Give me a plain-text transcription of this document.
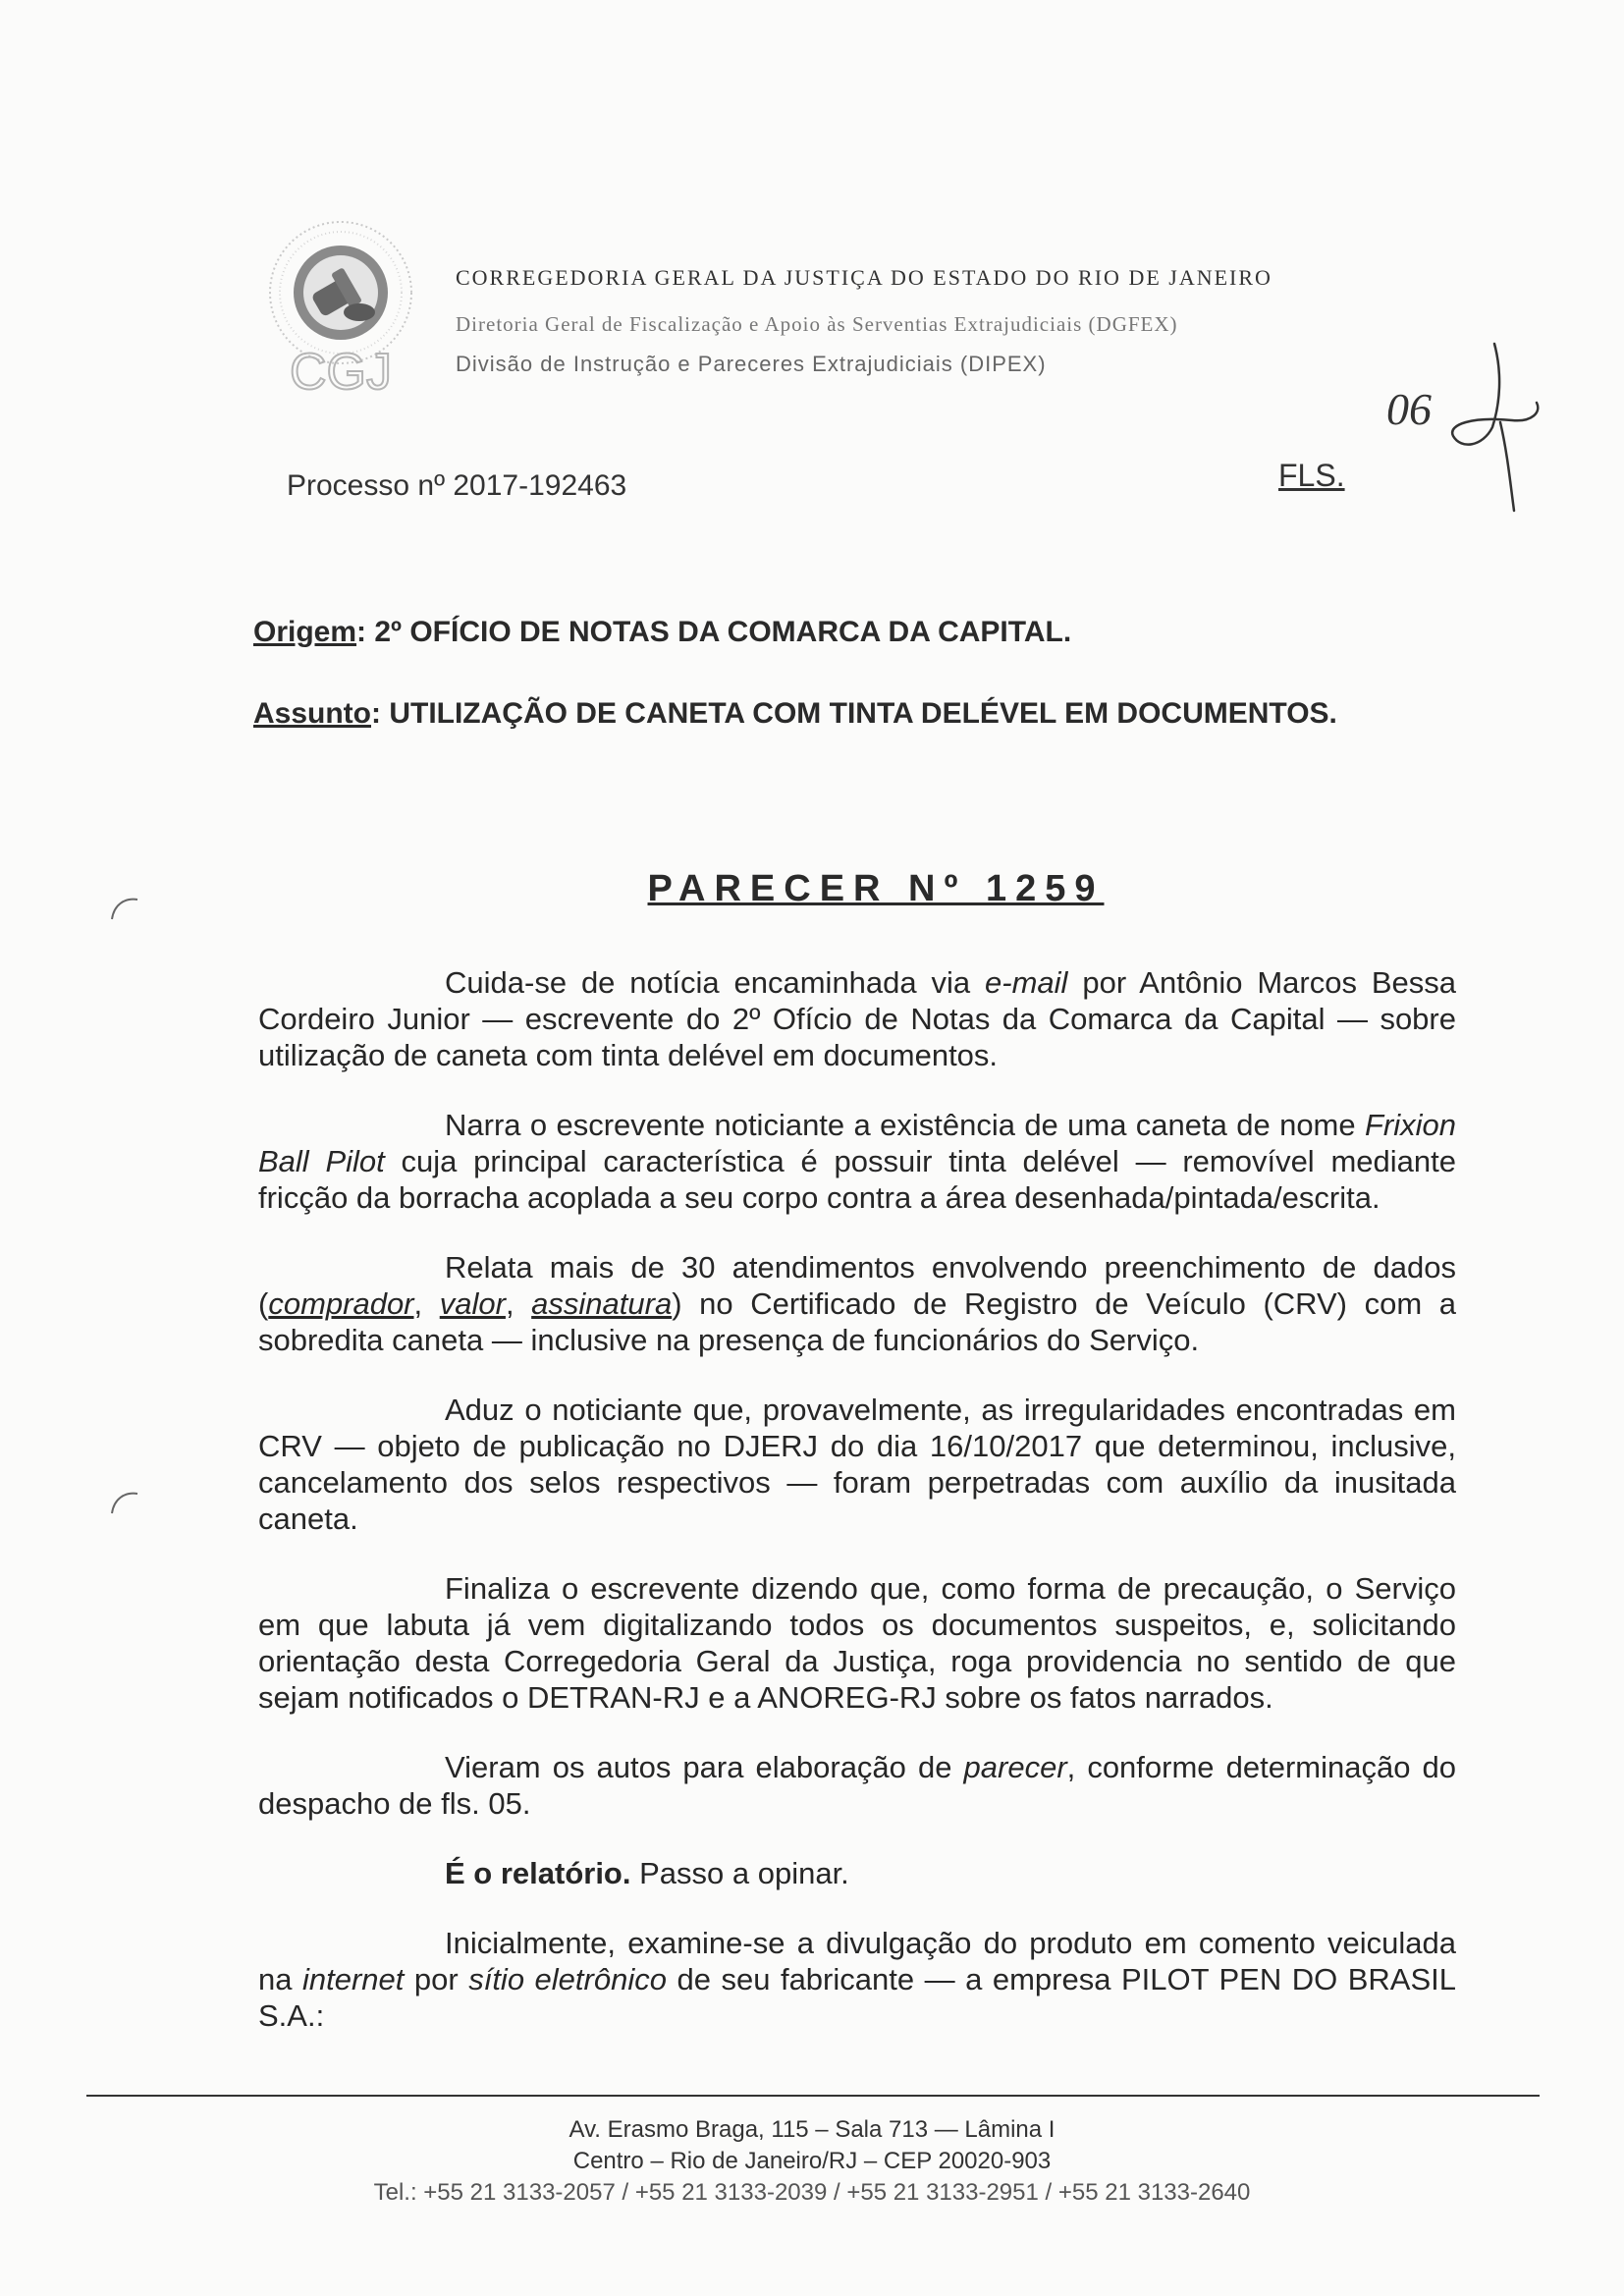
CGJ
CORREGEDORIA GERAL DA JUSTIÇA DO ESTADO DO RIO DE JANEIRO
Diretoria Geral de Fiscalização e Apoio às Serventias Extrajudiciais (DGFEX)
Divisão de Instrução e Pareceres Extrajudiciais (DIPEX)
Processo nº 2017-192463	FLS.
06
Origem: 2º OFÍCIO DE NOTAS DA COMARCA DA CAPITAL.
Assunto: UTILIZAÇÃO DE CANETA COM TINTA DELÉVEL EM DOCUMENTOS.
PARECER Nº 1259

Cuida-se de notícia encaminhada via e-mail por Antônio Marcos Bessa Cordeiro Junior — escrevente do 2º Ofício de Notas da Comarca da Capital — sobre utilização de caneta com tinta delével em documentos.

Narra o escrevente noticiante a existência de uma caneta de nome Frixion Ball Pilot cuja principal característica é possuir tinta delével — removível mediante fricção da borracha acoplada a seu corpo contra a área desenhada/pintada/escrita.

Relata mais de 30 atendimentos envolvendo preenchimento de dados (comprador, valor, assinatura) no Certificado de Registro de Veículo (CRV) com a sobredita caneta — inclusive na presença de funcionários do Serviço.

Aduz o noticiante que, provavelmente, as irregularidades encontradas em CRV — objeto de publicação no DJERJ do dia 16/10/2017 que determinou, inclusive, cancelamento dos selos respectivos — foram perpetradas com auxílio da inusitada caneta.

Finaliza o escrevente dizendo que, como forma de precaução, o Serviço em que labuta já vem digitalizando todos os documentos suspeitos, e, solicitando orientação desta Corregedoria Geral da Justiça, roga providencia no sentido de que sejam notificados o DETRAN-RJ e a ANOREG-RJ sobre os fatos narrados.

Vieram os autos para elaboração de parecer, conforme determinação do despacho de fls. 05.

É o relatório. Passo a opinar.

Inicialmente, examine-se a divulgação do produto em comento veiculada na internet por sítio eletrônico de seu fabricante — a empresa PILOT PEN DO BRASIL S.A.:

Av. Erasmo Braga, 115 – Sala 713 — Lâmina I
Centro – Rio de Janeiro/RJ – CEP 20020-903
Tel.: +55 21 3133-2057 / +55 21 3133-2039 / +55 21 3133-2951 / +55 21 3133-2640
